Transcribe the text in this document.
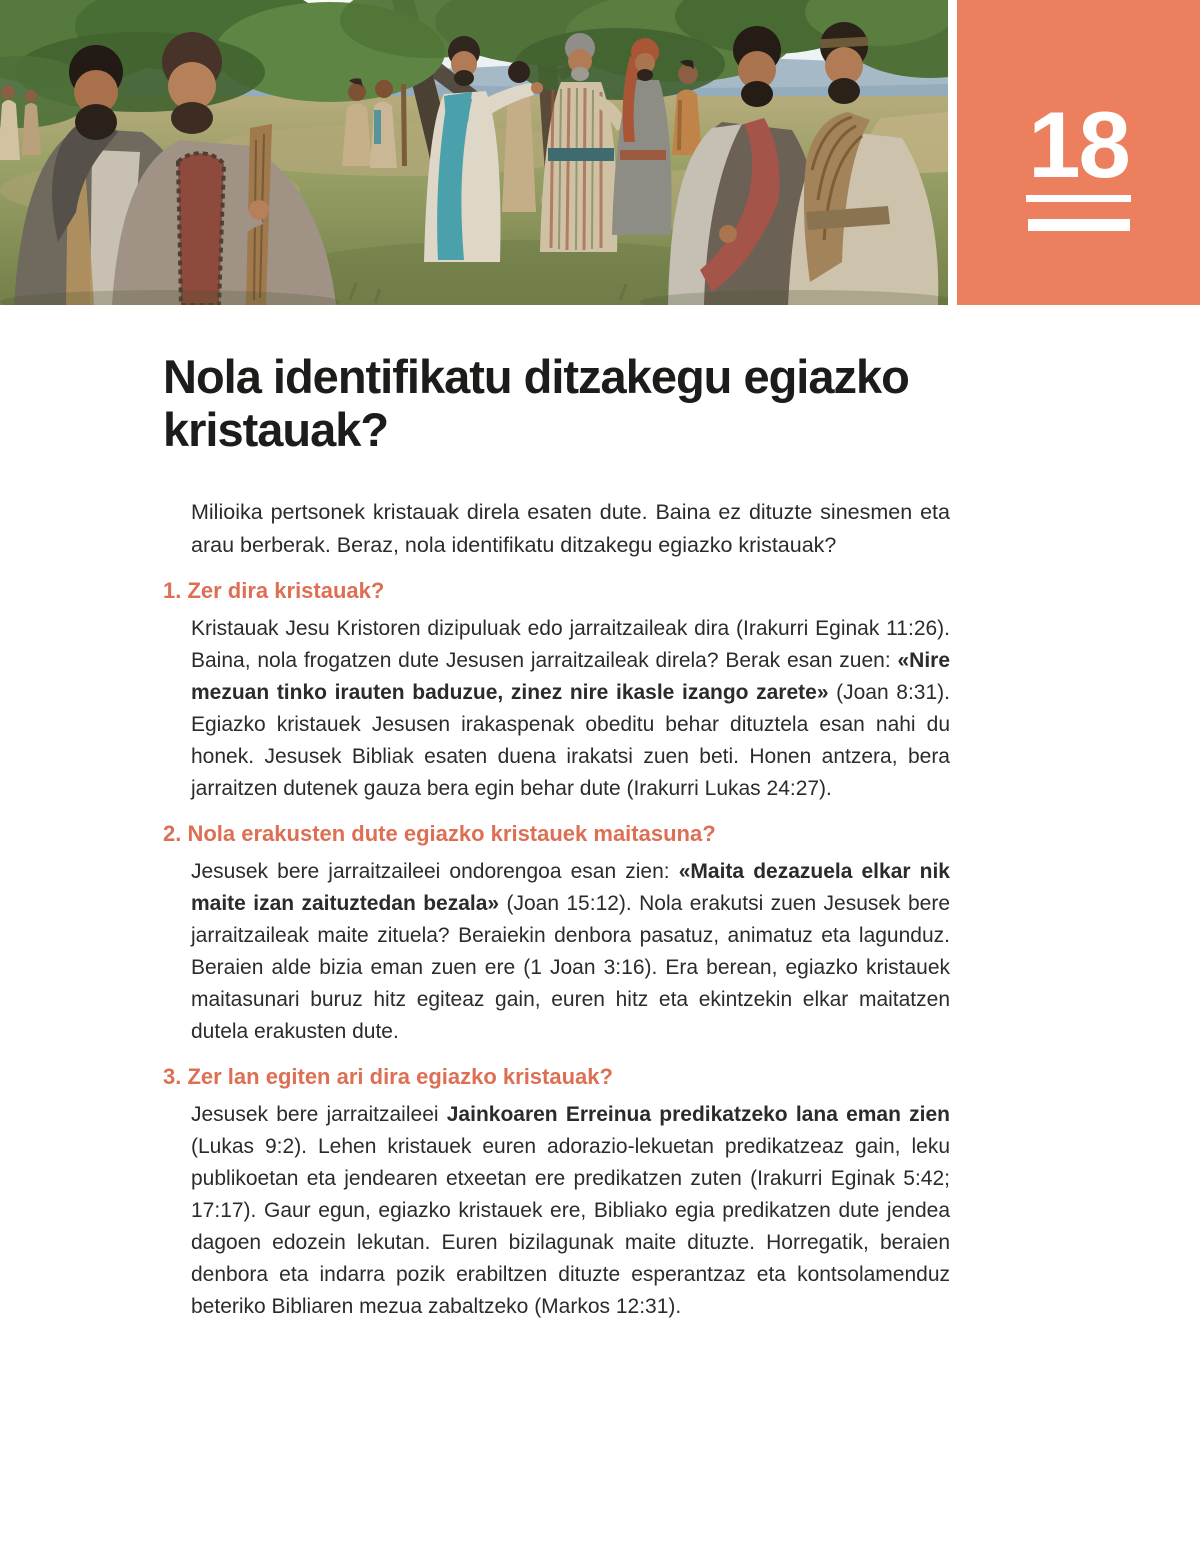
18
Nola identifikatu ditzakegu egiazko kristauak?

Milioika pertsonek kristauak direla esaten dute. Baina ez dituzte sinesmen eta arau berberak. Beraz, nola identifikatu ditzakegu egiazko kristauak?

1. Zer dira kristauak?

Kristauak Jesu Kristoren dizipuluak edo jarraitzaileak dira (Irakurri Eginak 11:26). Baina, nola frogatzen dute Jesusen jarraitzaileak direla? Berak esan zuen: «Nire mezuan tinko irauten baduzue, zinez nire ikasle izango zarete» (Joan 8:31). Egiazko kristauek Jesusen irakaspenak obeditu behar dituztela esan nahi du honek. Jesusek Bibliak esaten duena irakatsi zuen beti. Honen antzera, bera jarraitzen dutenek gauza bera egin behar dute (Irakurri Lukas 24:27).

2. Nola erakusten dute egiazko kristauek maitasuna?

Jesusek bere jarraitzaileei ondorengoa esan zien: «Maita dezazuela elkar nik maite izan zaituztedan bezala» (Joan 15:12). Nola erakutsi zuen Jesusek bere jarraitzaileak maite zituela? Beraiekin denbora pasatuz, animatuz eta lagunduz. Beraien alde bizia eman zuen ere (1 Joan 3:16). Era berean, egiazko kristauek maitasunari buruz hitz egiteaz gain, euren hitz eta ekintzekin elkar maitatzen dutela erakusten dute.

3. Zer lan egiten ari dira egiazko kristauak?

Jesusek bere jarraitzaileei Jainkoaren Erreinua predikatzeko lana eman zien (Lukas 9:2). Lehen kristauek euren adorazio-lekuetan predikatzeaz gain, leku publikoetan eta jendearen etxeetan ere predikatzen zuten (Irakurri Eginak 5:42; 17:17). Gaur egun, egiazko kristauek ere, Bibliako egia predikatzen dute jendea dagoen edozein lekutan. Euren bizilagunak maite dituzte. Horregatik, beraien denbora eta indarra pozik erabiltzen dituzte esperantzaz eta kontsolamenduz beteriko Bibliaren mezua zabaltzeko (Markos 12:31).
